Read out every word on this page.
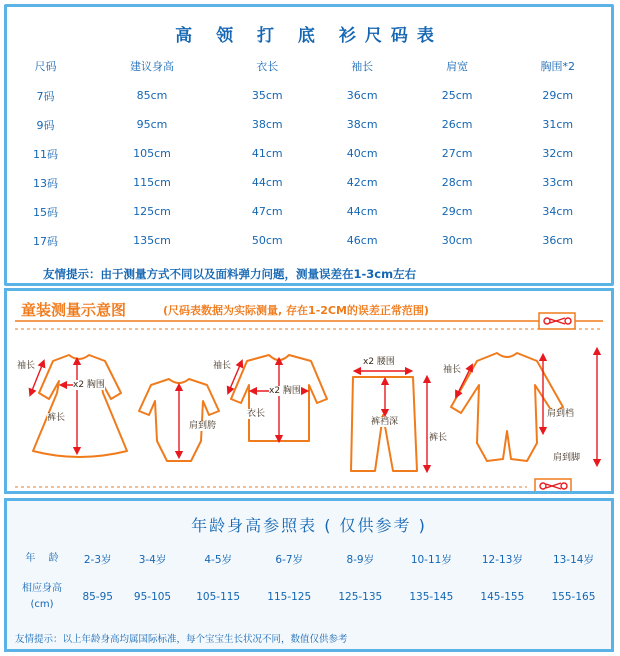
高 领 打 底 衫尺码表
尺码	建议身高	衣长	袖长	肩宽	胸围*2
7码	85cm	35cm	36cm	25cm	29cm
9码	95cm	38cm	38cm	26cm	31cm
11码	105cm	41cm	40cm	27cm	32cm
13码	115cm	44cm	42cm	28cm	33cm
15码	125cm	47cm	44cm	29cm	34cm
17码	135cm	50cm	46cm	30cm	36cm
友情提示：由于测量方式不同以及面料弹力问题，测量误差在1-3cm左右
童装测量示意图	(尺码表数据为实际测量, 存在1-2CM的误差正常范围)
袖长
x2 胸围
裤长
肩到胯
袖长
x2 胸围
衣长
x2 腰围
裤裆深
裤长
袖长
肩到档
肩到脚
年龄身高参照表 ( 仅供参考 )
年　 龄	2-3岁	3-4岁	4-5岁	6-7岁	8-9岁	10-11岁	12-13岁	13-14岁

相应身高
(cm)	85-95	95-105	105-115	115-125	125-135	135-145	145-155	155-165
友情提示：以上年龄身高均属国际标准，每个宝宝生长状况不同，数值仅供参考
